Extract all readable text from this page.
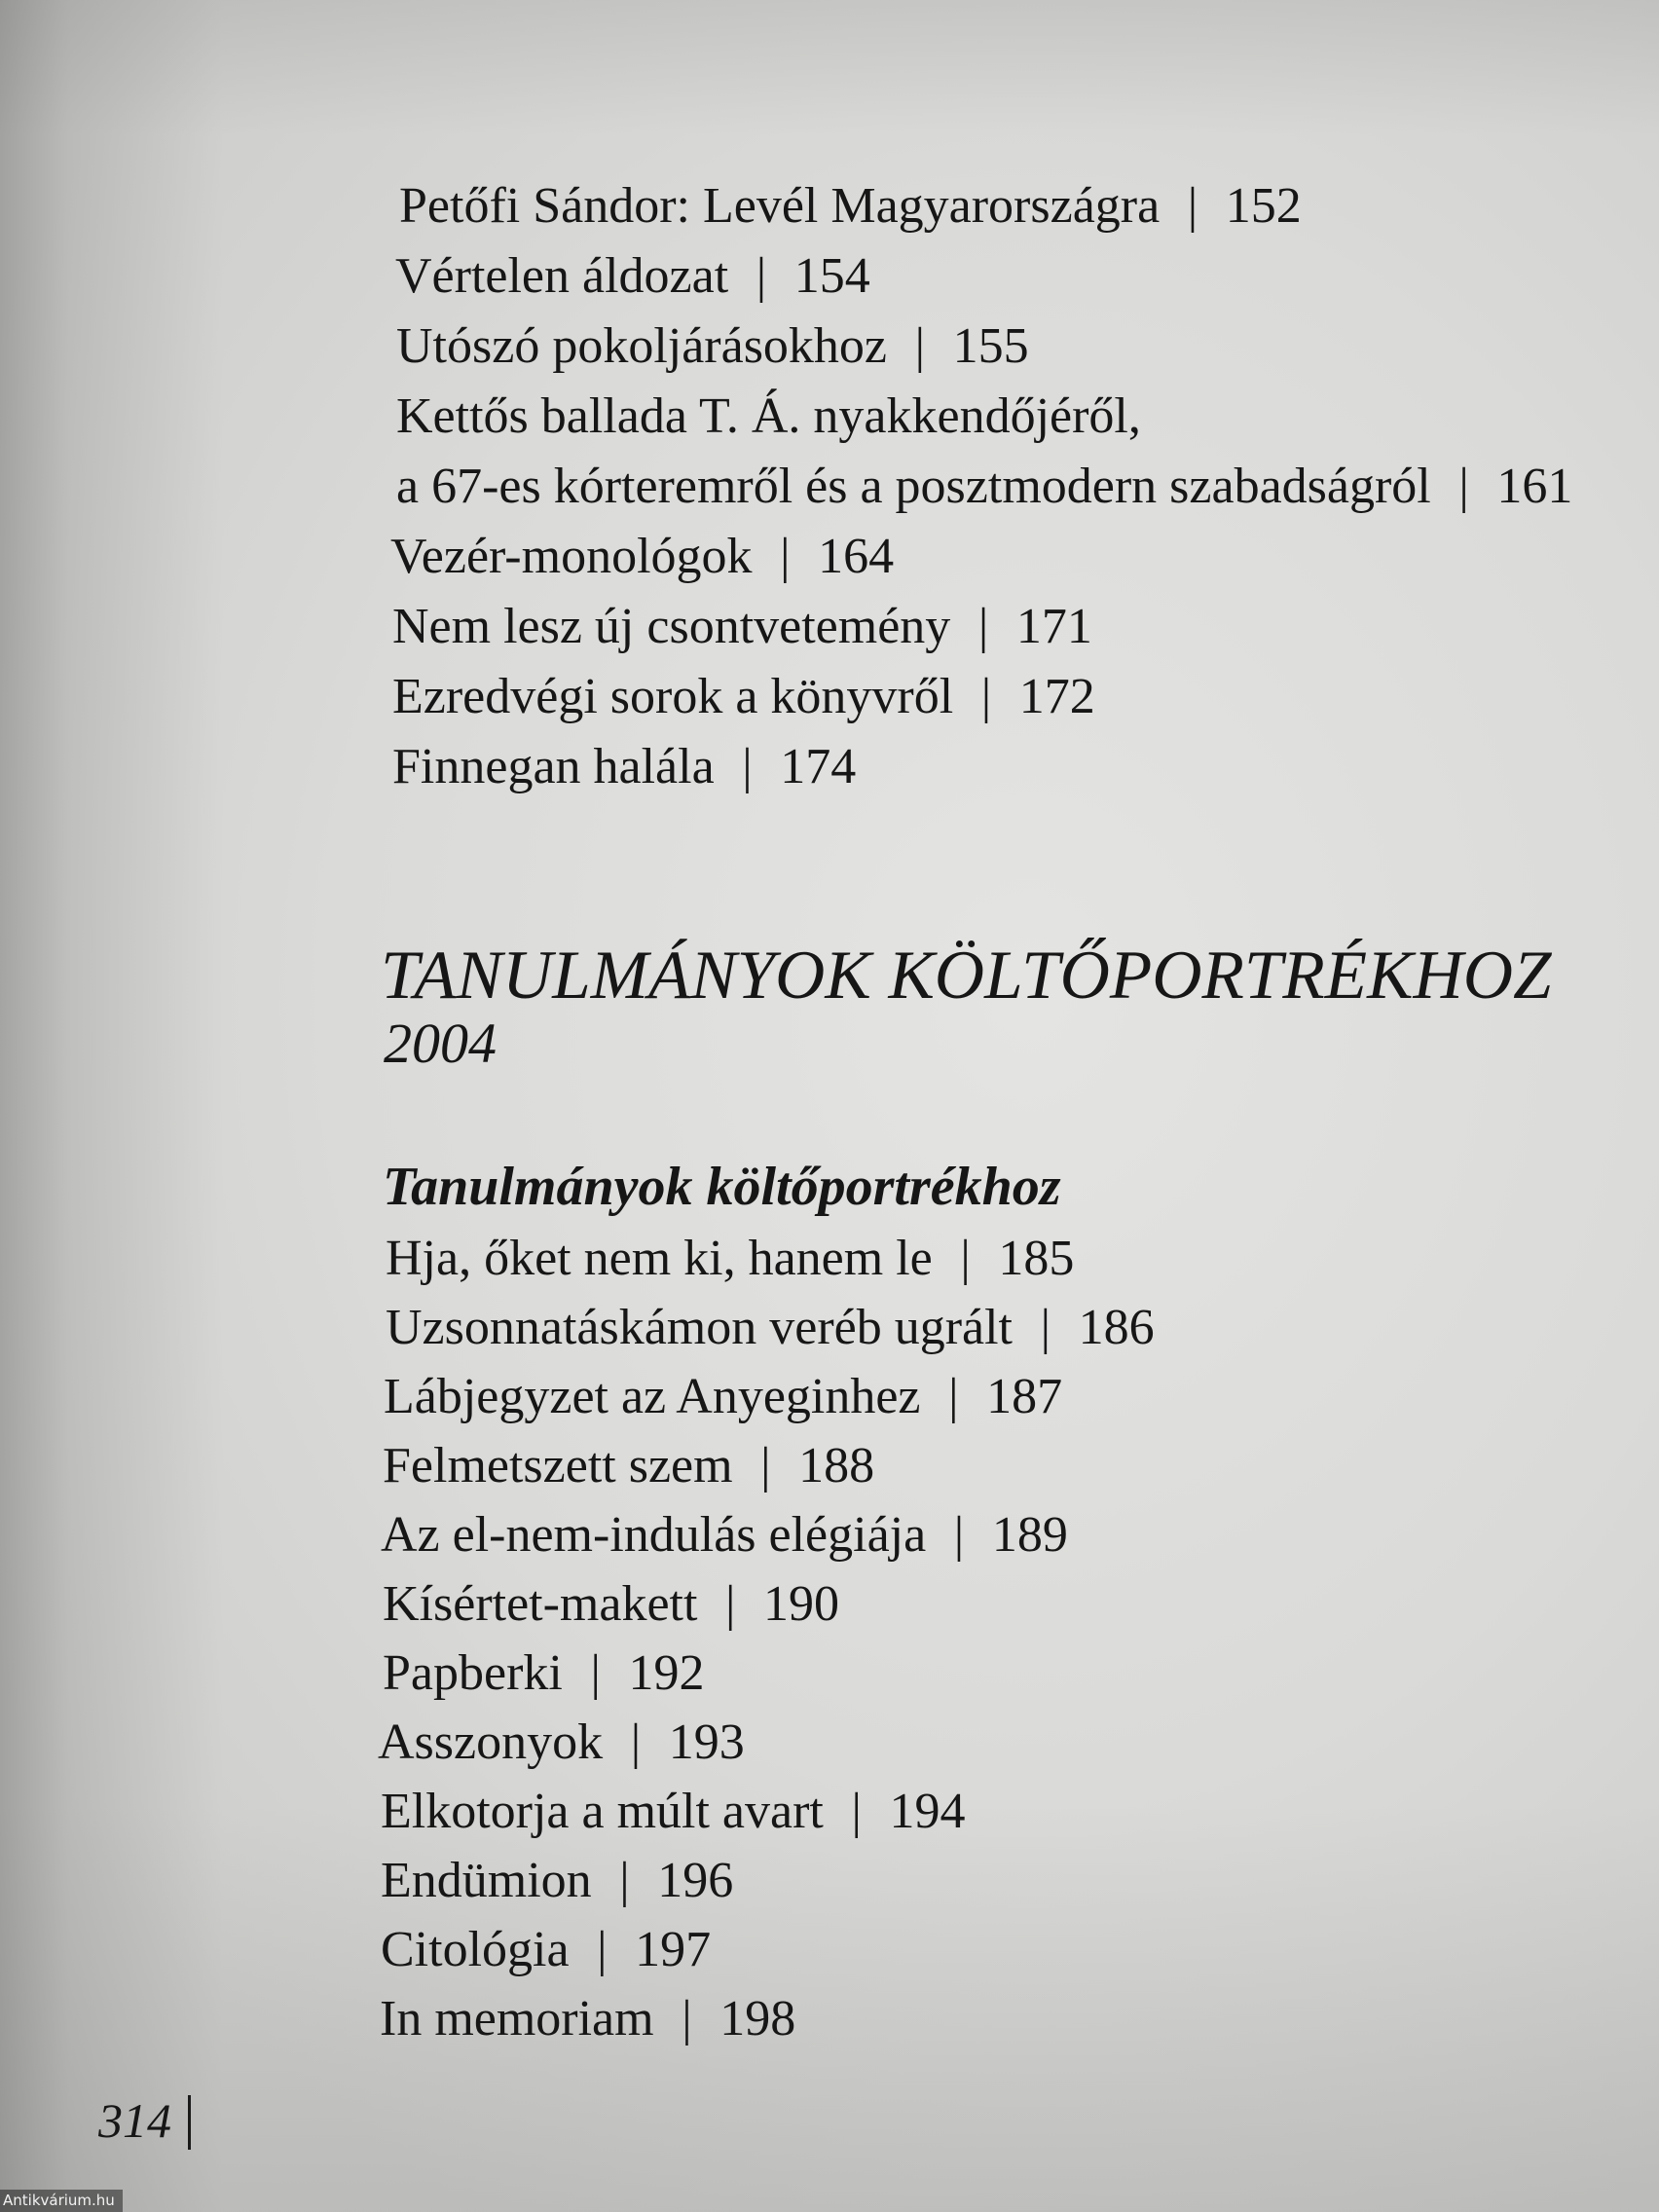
Petőfi Sándor: Levél Magyarországra | 152
Vértelen áldozat | 154
Utószó pokoljárásokhoz | 155
Kettős ballada T. Á. nyakkendőjéről,
a 67-es kórteremről és a posztmodern szabadságról | 161
Vezér-monológok | 164
Nem lesz új csontvetemény | 171
Ezredvégi sorok a könyvről | 172
Finnegan halála | 174
TANULMÁNYOK KÖLTŐPORTRÉKHOZ
2004
Tanulmányok költőportrékhoz
Hja, őket nem ki, hanem le | 185
Uzsonnatáskámon veréb ugrált | 186
Lábjegyzet az Anyeginhez | 187
Felmetszett szem | 188
Az el-nem-indulás elégiája | 189
Kísértet-makett | 190
Papberki | 192
Asszonyok | 193
Elkotorja a múlt avart | 194
Endümion | 196
Citológia | 197
In memoriam | 198
314
Antikvárium.hu
